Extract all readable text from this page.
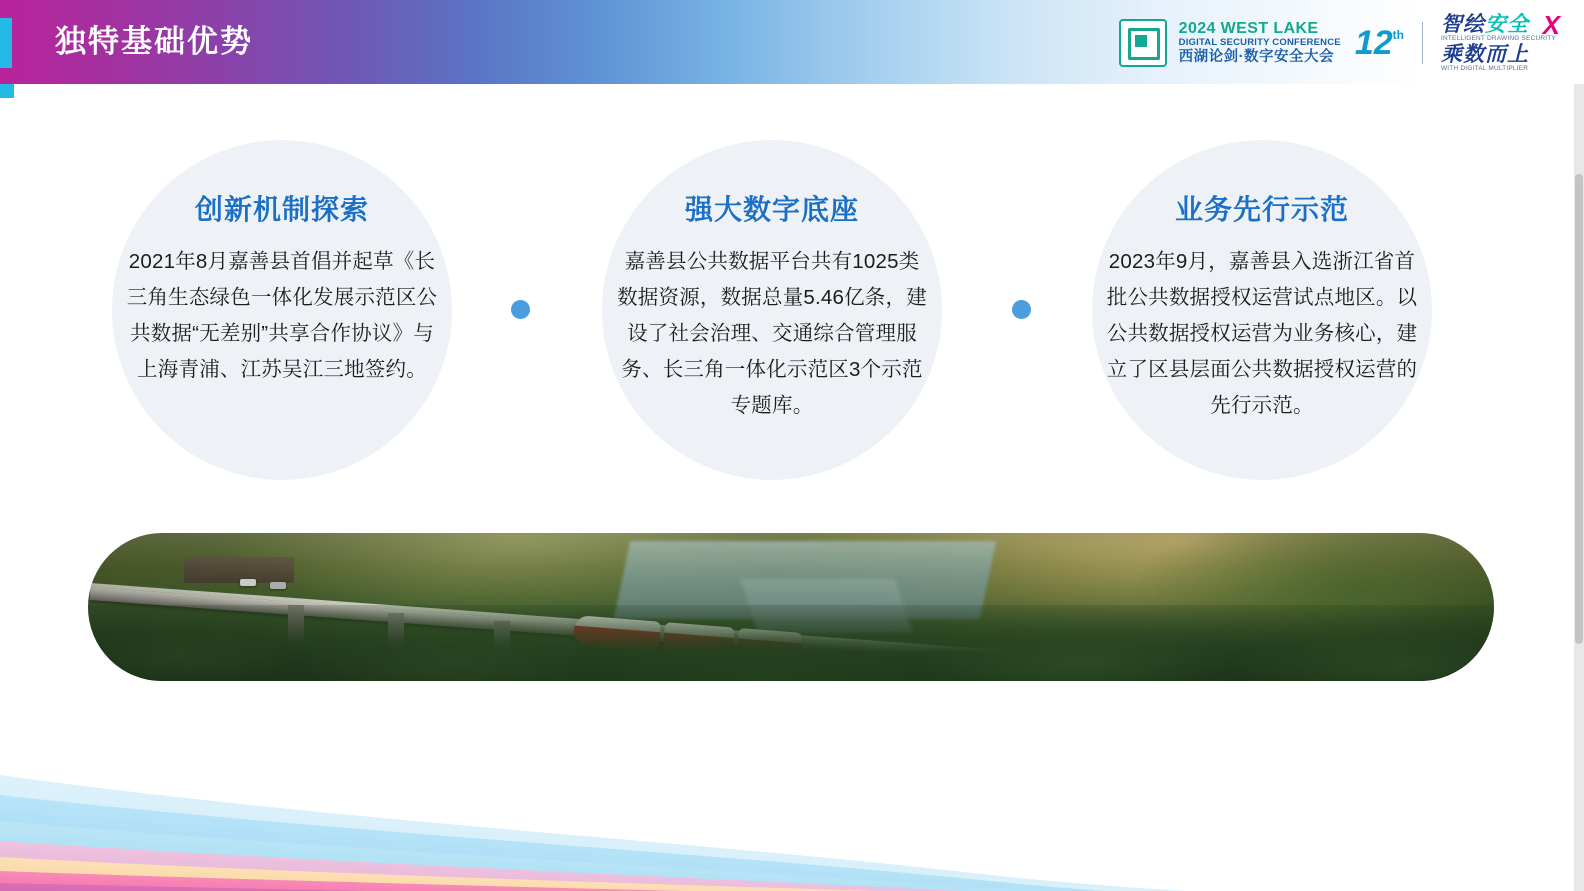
独特基础优势	2024 WEST LAKE
DIGITAL SECURITY CONFERENCE
西湖论剑·数字安全大会 12 th 智绘安全
INTELLIGENT DRAWING SECURITY
乘数而上
WITH DIGITAL MULTIPLIER
X
创新机制探索
2021年8月嘉善县首倡并起草《长三角生态绿色一体化发展示范区公共数据“无差别”共享合作协议》与上海青浦、江苏吴江三地签约。
强大数字底座
嘉善县公共数据平台共有1025类数据资源，数据总量5.46亿条，建设了社会治理、交通综合管理服务、长三角一体化示范区3个示范专题库。
业务先行示范
2023年9月，嘉善县入选浙江省首批公共数据授权运营试点地区。以公共数据授权运营为业务核心，建立了区县层面公共数据授权运营的先行示范。
